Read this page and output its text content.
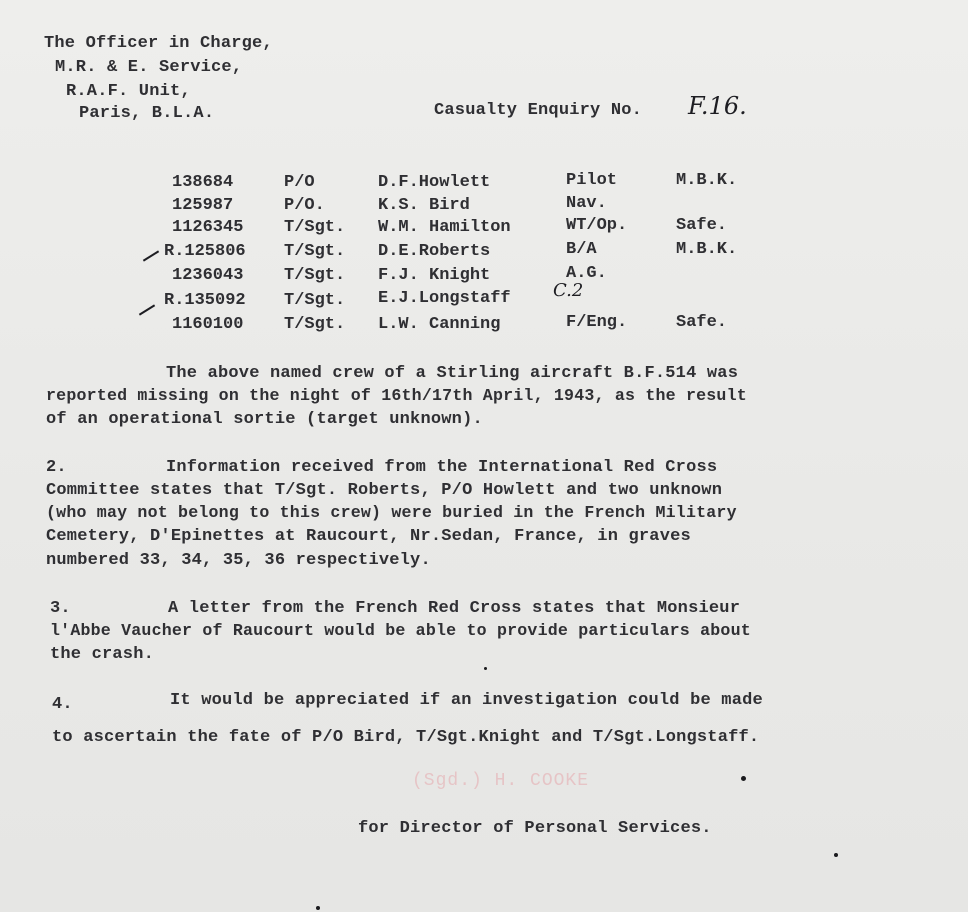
The Officer in Charge,
M.R. & E. Service,
R.A.F. Unit,
Paris, B.L.A.	Casualty Enquiry No. F.16.
138684	P/O	D.F.Howlett	Pilot	M.B.K.
125987	P/O.	K.S. Bird	Nav.
1126345 T/Sgt. W.M. Hamilton	WT/Op.	Safe.
R.125806 T/Sgt. D.E.Roberts	B/A	M.B.K.
1236043 T/Sgt. F.J. Knight	A.G.
R.135092 T/Sgt. E.J.Longstaff C.2
1160100 T/Sgt. L.W. Canning	F/Eng.	Safe.
The above named crew of a Stirling aircraft B.F.514 was
reported missing on the night of 16th/17th April, 1943, as the result
of an operational sortie (target unknown).
2.	Information received from the International Red Cross
Committee states that T/Sgt. Roberts, P/O Howlett and two unknown
(who may not belong to this crew) were buried in the French Military
Cemetery, D'Epinettes at Raucourt, Nr.Sedan, France, in graves
numbered 33, 34, 35, 36 respectively.
3.	A letter from the French Red Cross states that Monsieur
l'Abbe Vaucher of Raucourt would be able to provide particulars about
the crash.
4.	It would be appreciated if an investigation could be made
to ascertain the fate of P/O Bird, T/Sgt.Knight and T/Sgt.Longstaff.
(Sgd.) H. COOKE
for Director of Personal Services.
